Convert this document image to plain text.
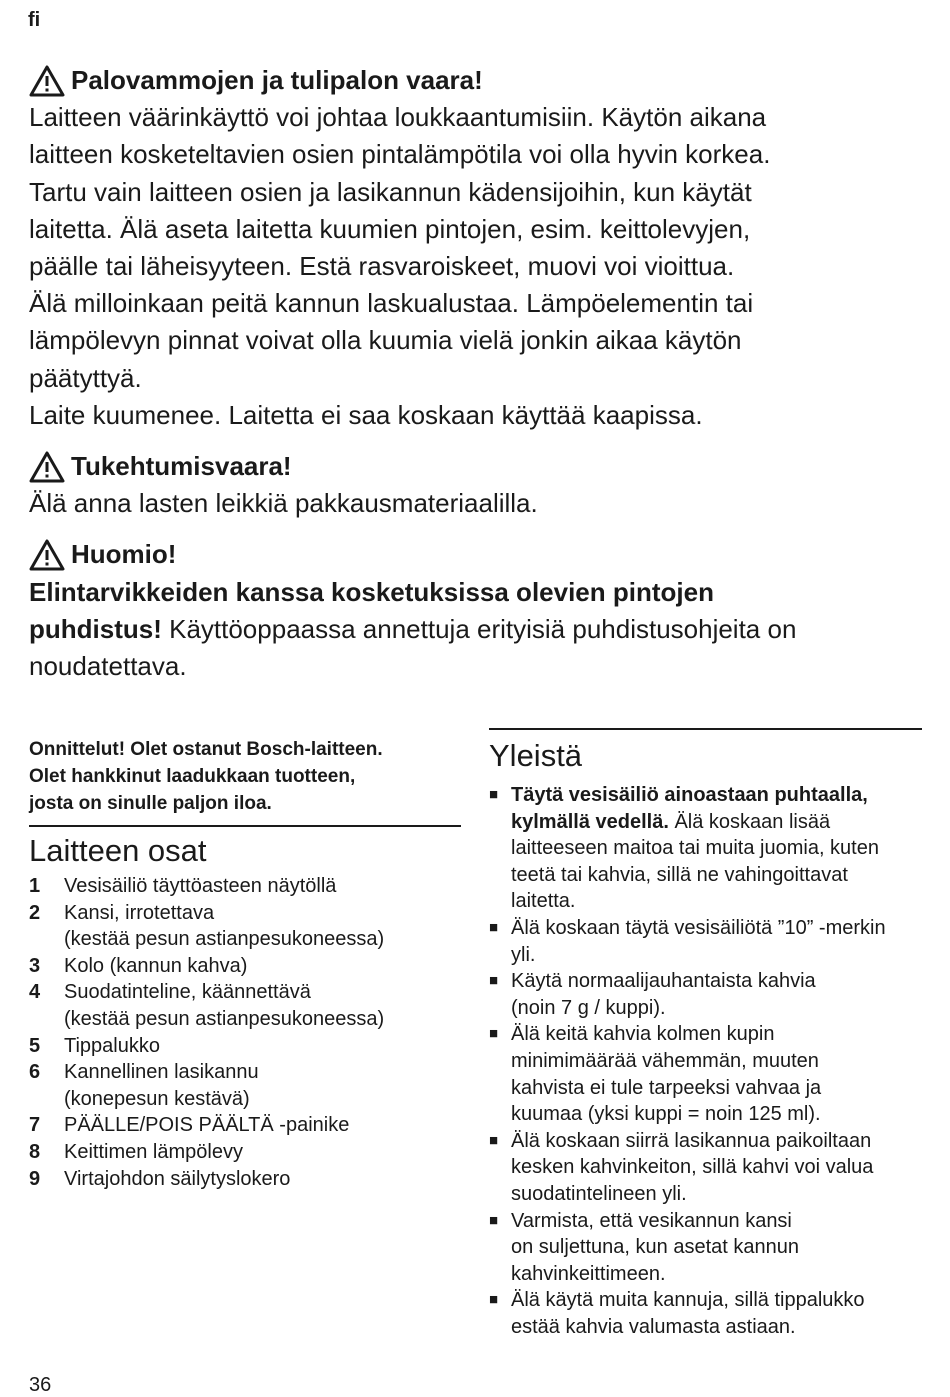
fi
Palovammojen ja tulipalon vaara!

Laitteen väärinkäyttö voi johtaa loukkaantumisiin. Käytön aikana

laitteen kosketeltavien osien pintalämpötila voi olla hyvin korkea.

Tartu vain laitteen osien ja lasikannun kädensijoihin, kun käytät

laitetta. Älä aseta laitetta kuumien pintojen, esim. keittolevyjen,

päälle tai läheisyyteen. Estä rasvaroiskeet, muovi voi vioittua.

Älä milloinkaan peitä kannun laskualustaa. Lämpöelementin tai

lämpölevyn pinnat voivat olla kuumia vielä jonkin aikaa käytön

päätyttyä.

Laite kuumenee. Laitetta ei saa koskaan käyttää kaapissa.

Tukehtumisvaara!

Älä anna lasten leikkiä pakkausmateriaalilla.

Huomio!

Elintarvikkeiden kanssa kosketuksissa olevien pintojen

puhdistus! Käyttöoppaassa annettuja erityisiä puhdistusohjeita on

noudatettava.

Onnittelut! Olet ostanut Bosch-laitteen.
Olet hankkinut laadukkaan tuotteen,
josta on sinulle paljon iloa.

Laitteen osat
1	Vesisäiliö täyttöasteen näytöllä
2	Kansi, irrotettava
(kestää pesun astianpesukoneessa)
3	Kolo (kannun kahva)
4	Suodatinteline, käännettävä
(kestää pesun astianpesukoneessa)
5	Tippalukko
6	Kannellinen lasikannu
(konepesun kestävä)
7	PÄÄLLE/POIS PÄÄLTÄ -painike
8	Keittimen lämpölevy
9	Virtajohdon säilytyslokero
Yleistä
■ Täytä vesisäiliö ainoastaan puhtaalla,
kylmällä vedellä. Älä koskaan lisää
laitteeseen maitoa tai muita juomia, kuten
teetä tai kahvia, sillä ne vahingoittavat
laitetta.
■ Älä koskaan täytä vesisäiliötä ”10” -merkin
yli.
■ Käytä normaalijauhantaista kahvia
(noin 7 g / kuppi).
■ Älä keitä kahvia kolmen kupin
minimimäärää vähemmän, muuten
kahvista ei tule tarpeeksi vahvaa ja
kuumaa (yksi kuppi = noin 125 ml).
■ Älä koskaan siirrä lasikannua paikoiltaan
kesken kahvinkeiton, sillä kahvi voi valua
suodatintelineen yli.
■ Varmista, että vesikannun kansi
on suljettuna, kun asetat kannun
kahvinkeittimeen.
■ Älä käytä muita kannuja, sillä tippalukko
estää kahvia valumasta astiaan.
36
